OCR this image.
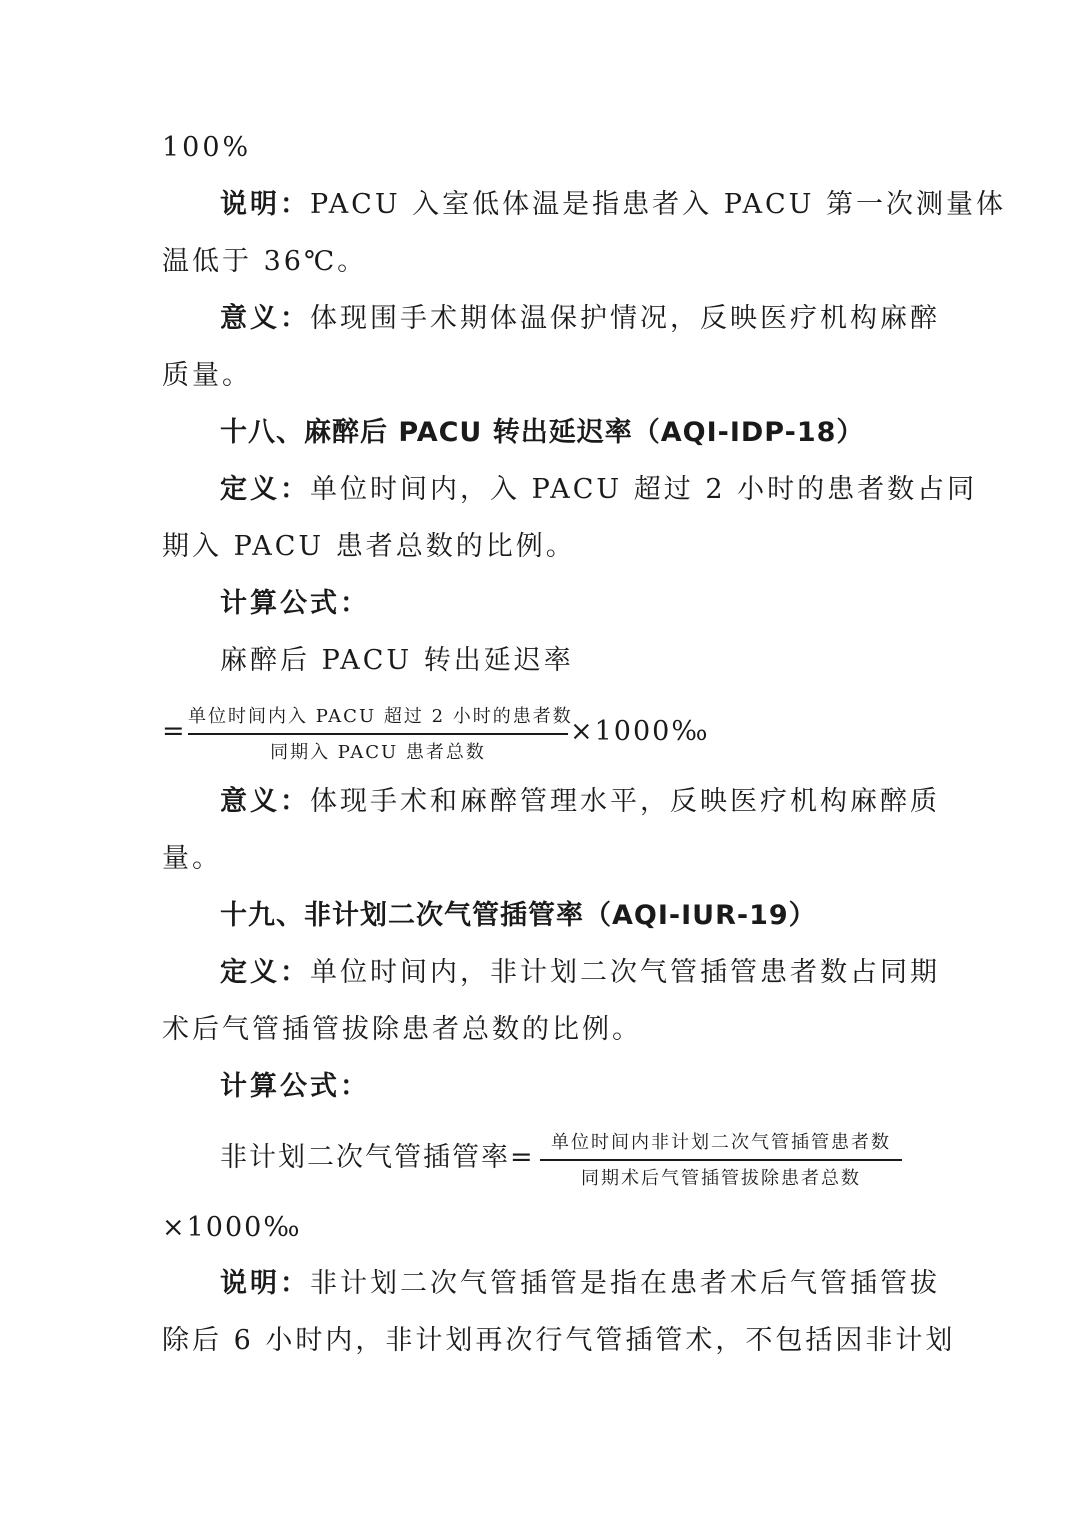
100%
说明：PACU 入室低体温是指患者入 PACU 第一次测量体
温低于 36℃。
意义：体现围手术期体温保护情况，反映医疗机构麻醉
质量。
十八、麻醉后 PACU 转出延迟率（AQI-IDP-18）
定义：单位时间内，入 PACU 超过 2 小时的患者数占同
期入 PACU 患者总数的比例。
计算公式：
麻醉后 PACU 转出延迟率
= 单位时间内入 PACU 超过 2 小时的患者数
同期入 PACU 患者总数
×1000‰
意义：体现手术和麻醉管理水平，反映医疗机构麻醉质
量。
十九、非计划二次气管插管率（AQI-IUR-19）
定义：单位时间内，非计划二次气管插管患者数占同期
术后气管插管拔除患者总数的比例。
计算公式：
非计划二次气管插管率= 单位时间内非计划二次气管插管患者数
同期术后气管插管拔除患者总数
×1000‰
说明：非计划二次气管插管是指在患者术后气管插管拔
除后 6 小时内，非计划再次行气管插管术，不包括因非计划
